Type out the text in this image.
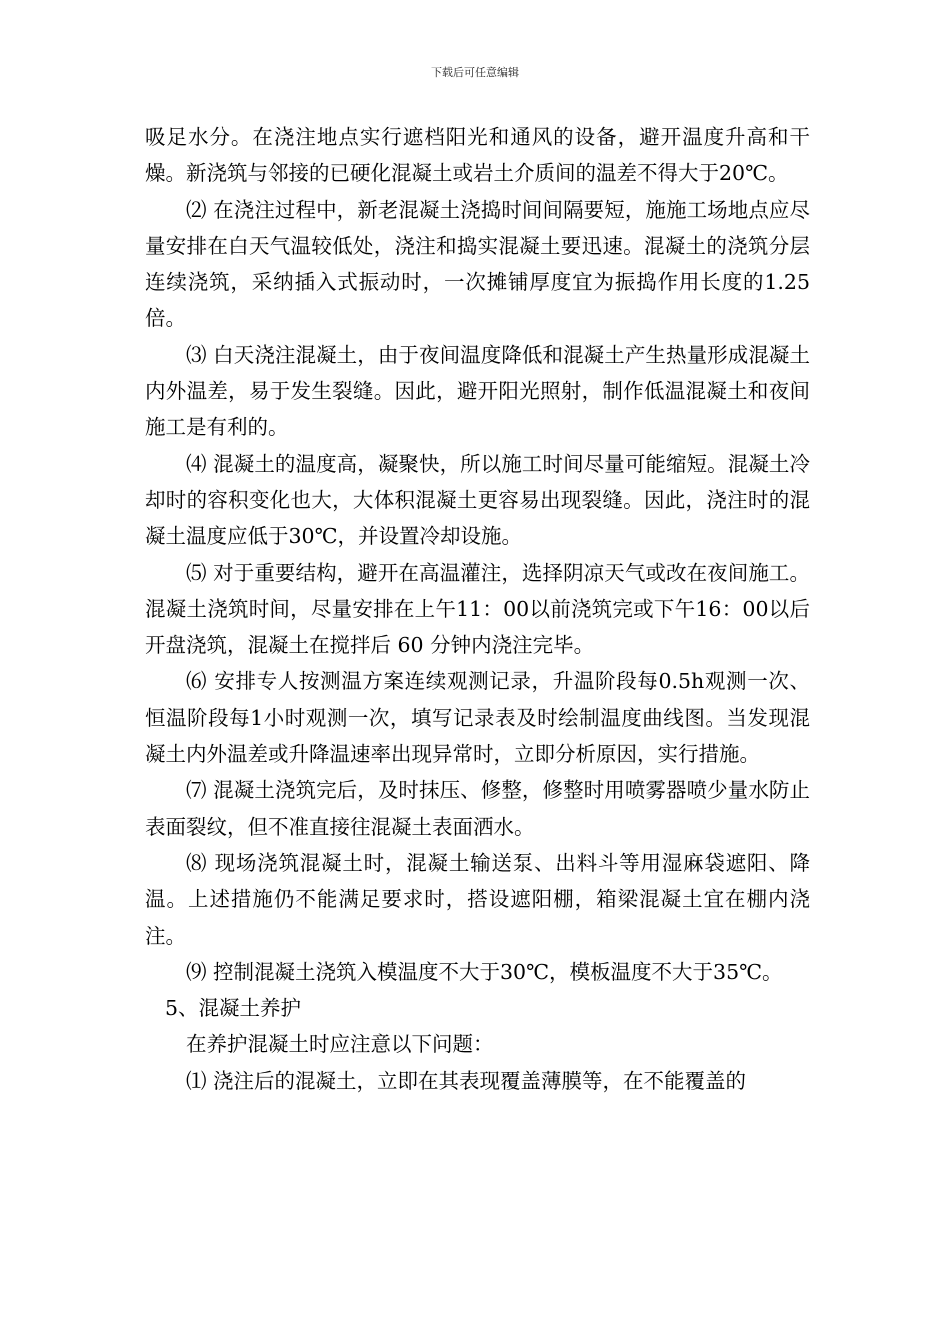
下载后可任意编辑

吸足水分。在浇注地点实行遮档阳光和通风的设备，避开温度升高和干燥。新浇筑与邻接的已硬化混凝土或岩土介质间的温差不得大于20℃。

⑵ 在浇注过程中，新老混凝土浇捣时间间隔要短，施施工场地点应尽量安排在白天气温较低处，浇注和捣实混凝土要迅速。混凝土的浇筑分层连续浇筑，采纳插入式振动时，一次摊铺厚度宜为振捣作用长度的1.25倍。

⑶ 白天浇注混凝土，由于夜间温度降低和混凝土产生热量形成混凝土内外温差，易于发生裂缝。因此，避开阳光照射，制作低温混凝土和夜间施工是有利的。

⑷ 混凝土的温度高，凝聚快，所以施工时间尽量可能缩短。混凝土冷却时的容积变化也大，大体积混凝土更容易出现裂缝。因此，浇注时的混凝土温度应低于30℃，并设置冷却设施。

⑸ 对于重要结构，避开在高温灌注，选择阴凉天气或改在夜间施工。混凝土浇筑时间，尽量安排在上午11：00以前浇筑完或下午16：00以后开盘浇筑，混凝土在搅拌后 60 分钟内浇注完毕。

⑹ 安排专人按测温方案连续观测记录，升温阶段每0.5h观测一次、恒温阶段每1小时观测一次，填写记录表及时绘制温度曲线图。当发现混凝土内外温差或升降温速率出现异常时，立即分析原因，实行措施。

⑺ 混凝土浇筑完后，及时抹压、修整，修整时用喷雾器喷少量水防止表面裂纹，但不准直接往混凝土表面洒水。

⑻ 现场浇筑混凝土时，混凝土输送泵、出料斗等用湿麻袋遮阳、降温。上述措施仍不能满足要求时，搭设遮阳棚，箱梁混凝土宜在棚内浇注。

⑼ 控制混凝土浇筑入模温度不大于30℃，模板温度不大于35℃。

5、混凝土养护

在养护混凝土时应注意以下问题：

⑴ 浇注后的混凝土，立即在其表现覆盖薄膜等，在不能覆盖的
